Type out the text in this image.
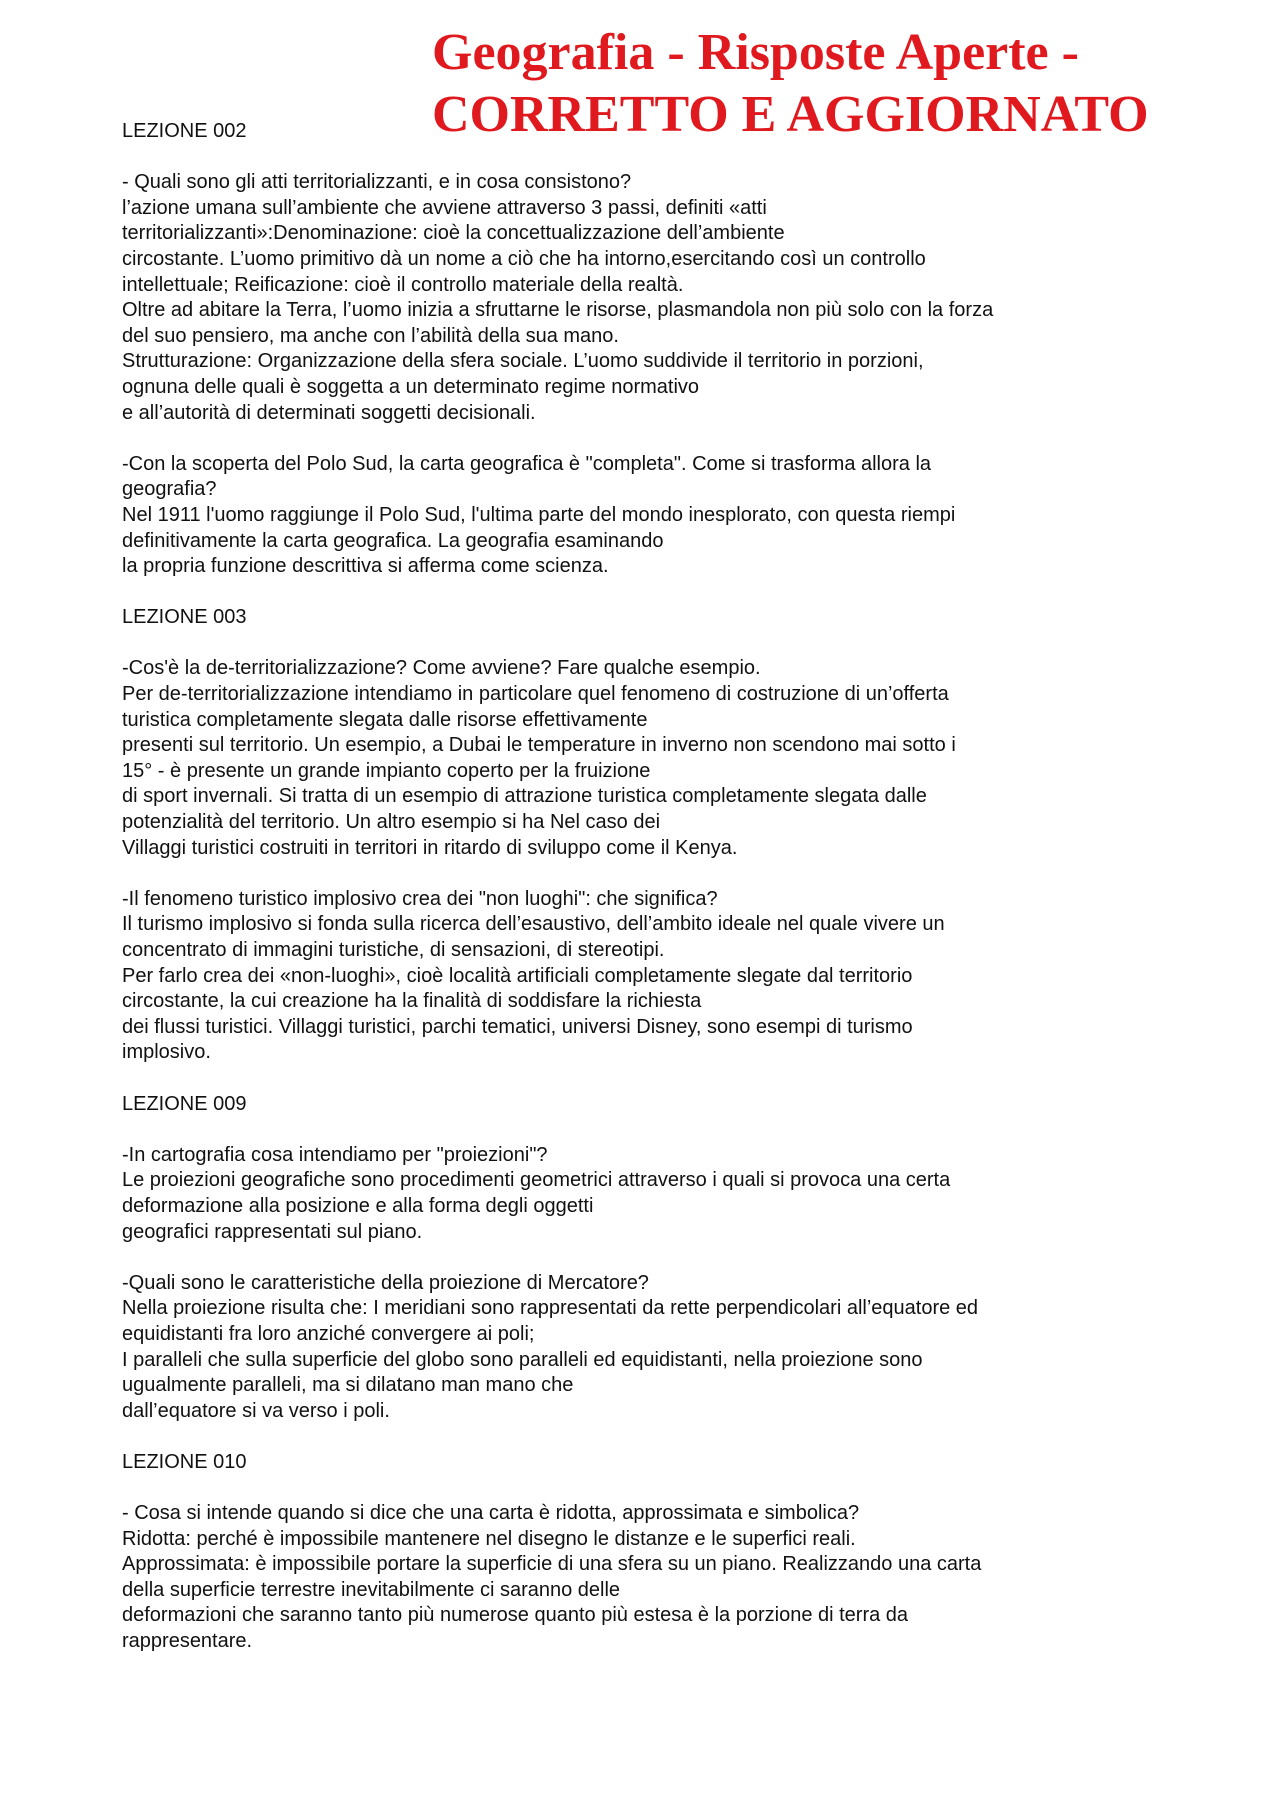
Geografia - Risposte Aperte -
CORRETTO E AGGIORNATO
LEZIONE 002
- Quali sono gli atti territorializzanti, e in cosa consistono?
l’azione umana sull’ambiente che avviene attraverso 3 passi, definiti «atti
territorializzanti»:Denominazione: cioè la concettualizzazione dell’ambiente
circostante. L’uomo primitivo dà un nome a ciò che ha intorno,esercitando così un controllo
intellettuale; Reificazione: cioè il controllo materiale della realtà.
Oltre ad abitare la Terra, l’uomo inizia a sfruttarne le risorse, plasmandola non più solo con la forza
del suo pensiero, ma anche con l’abilità della sua mano.
Strutturazione: Organizzazione della sfera sociale. L’uomo suddivide il territorio in porzioni,
ognuna delle quali è soggetta a un determinato regime normativo
e all’autorità di determinati soggetti decisionali.
-Con la scoperta del Polo Sud, la carta geografica è "completa". Come si trasforma allora la
geografia?
Nel 1911 l'uomo raggiunge il Polo Sud, l'ultima parte del mondo inesplorato, con questa riempi
definitivamente la carta geografica. La geografia esaminando
la propria funzione descrittiva si afferma come scienza.
LEZIONE 003
-Cos'è la de-territorializzazione? Come avviene? Fare qualche esempio.
Per de-territorializzazione intendiamo in particolare quel fenomeno di costruzione di un’offerta
turistica completamente slegata dalle risorse effettivamente
presenti sul territorio. Un esempio, a Dubai le temperature in inverno non scendono mai sotto i
15° - è presente un grande impianto coperto per la fruizione
di sport invernali. Si tratta di un esempio di attrazione turistica completamente slegata dalle
potenzialità del territorio. Un altro esempio si ha Nel caso dei
Villaggi turistici costruiti in territori in ritardo di sviluppo come il Kenya.
-Il fenomeno turistico implosivo crea dei "non luoghi": che significa?
Il turismo implosivo si fonda sulla ricerca dell’esaustivo, dell’ambito ideale nel quale vivere un
concentrato di immagini turistiche, di sensazioni, di stereotipi.
Per farlo crea dei «non-luoghi», cioè località artificiali completamente slegate dal territorio
circostante, la cui creazione ha la finalità di soddisfare la richiesta
dei flussi turistici. Villaggi turistici, parchi tematici, universi Disney, sono esempi di turismo
implosivo.
LEZIONE 009
-In cartografia cosa intendiamo per "proiezioni"?
Le proiezioni geografiche sono procedimenti geometrici attraverso i quali si provoca una certa
deformazione alla posizione e alla forma degli oggetti
geografici rappresentati sul piano.
-Quali sono le caratteristiche della proiezione di Mercatore?
Nella proiezione risulta che: I meridiani sono rappresentati da rette perpendicolari all’equatore ed
equidistanti fra loro anziché convergere ai poli;
I paralleli che sulla superficie del globo sono paralleli ed equidistanti, nella proiezione sono
ugualmente paralleli, ma si dilatano man mano che
dall’equatore si va verso i poli.
LEZIONE 010
- Cosa si intende quando si dice che una carta è ridotta, approssimata e simbolica?
Ridotta: perché è impossibile mantenere nel disegno le distanze e le superfici reali.
Approssimata: è impossibile portare la superficie di una sfera su un piano. Realizzando una carta
della superficie terrestre inevitabilmente ci saranno delle
deformazioni che saranno tanto più numerose quanto più estesa è la porzione di terra da
rappresentare.
